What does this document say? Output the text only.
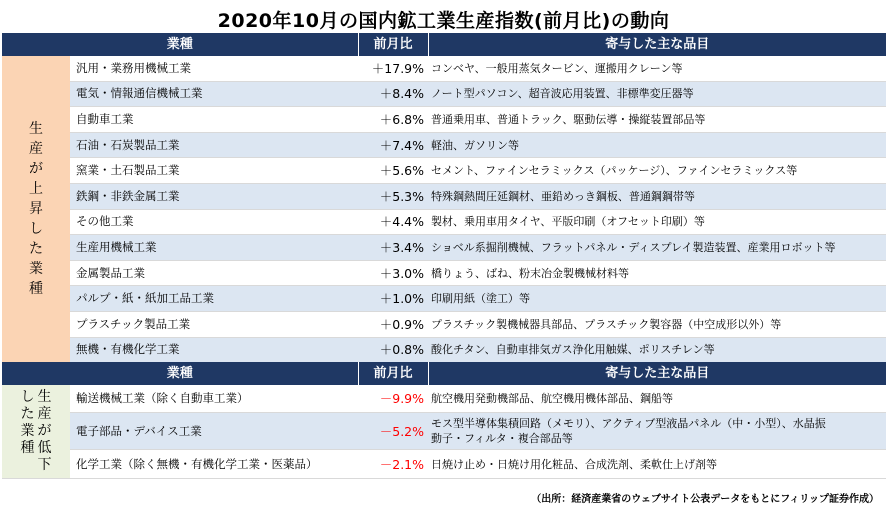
2020年10月の国内鉱工業生産指数(前月比)の動向
業種		前月比	寄与した主な品目
生産が上昇した業種	汎用・業務用機械工業	＋17.9%	コンベヤ、一般用蒸気タービン、運搬用クレーン等
	電気・情報通信機械工業	＋8.4%	ノート型パソコン、超音波応用装置、非標準変圧器等
	自動車工業	＋6.8%	普通乗用車、普通トラック、駆動伝導・操縦装置部品等
	石油・石炭製品工業	＋7.4%	軽油、ガソリン等
	窯業・土石製品工業	＋5.6%	セメント、ファインセラミックス（パッケージ）、ファインセラミックス等
	鉄鋼・非鉄金属工業	＋5.3%	特殊鋼熱間圧延鋼材、亜鉛めっき鋼板、普通鋼鋼帯等
	その他工業	＋4.4%	製材、乗用車用タイヤ、平版印刷（オフセット印刷）等
	生産用機械工業	＋3.4%	ショベル系掘削機械、フラットパネル・ディスプレイ製造装置、産業用ロボット等
	金属製品工業	＋3.0%	橋りょう、ばね、粉末冶金製機械材料等
	パルプ・紙・紙加工品工業	＋1.0%	印刷用紙（塗工）等
	プラスチック製品工業	＋0.9%	プラスチック製機械器具部品、プラスチック製容器（中空成形以外）等
	無機・有機化学工業	＋0.8%	酸化チタン、自動車排気ガス浄化用触媒、ポリスチレン等
業種		前月比	寄与した主な品目

生産が低下
した業種	輸送機械工業（除く自動車工業）	－9.9%	航空機用発動機部品、航空機用機体部品、鋼船等
	電子部品・デバイス工業	－5.2%	モス型半導体集積回路（メモリ）、アクティブ型液晶パネル（中・小型）、水晶振
動子・フィルタ・複合部品等

	化学工業（除く無機・有機化学工業・医薬品）	－2.1%	日焼け止め・日焼け用化粧品、合成洗剤、柔軟仕上げ剤等
（出所：経済産業省のウェブサイト公表データをもとにフィリップ証券作成）
